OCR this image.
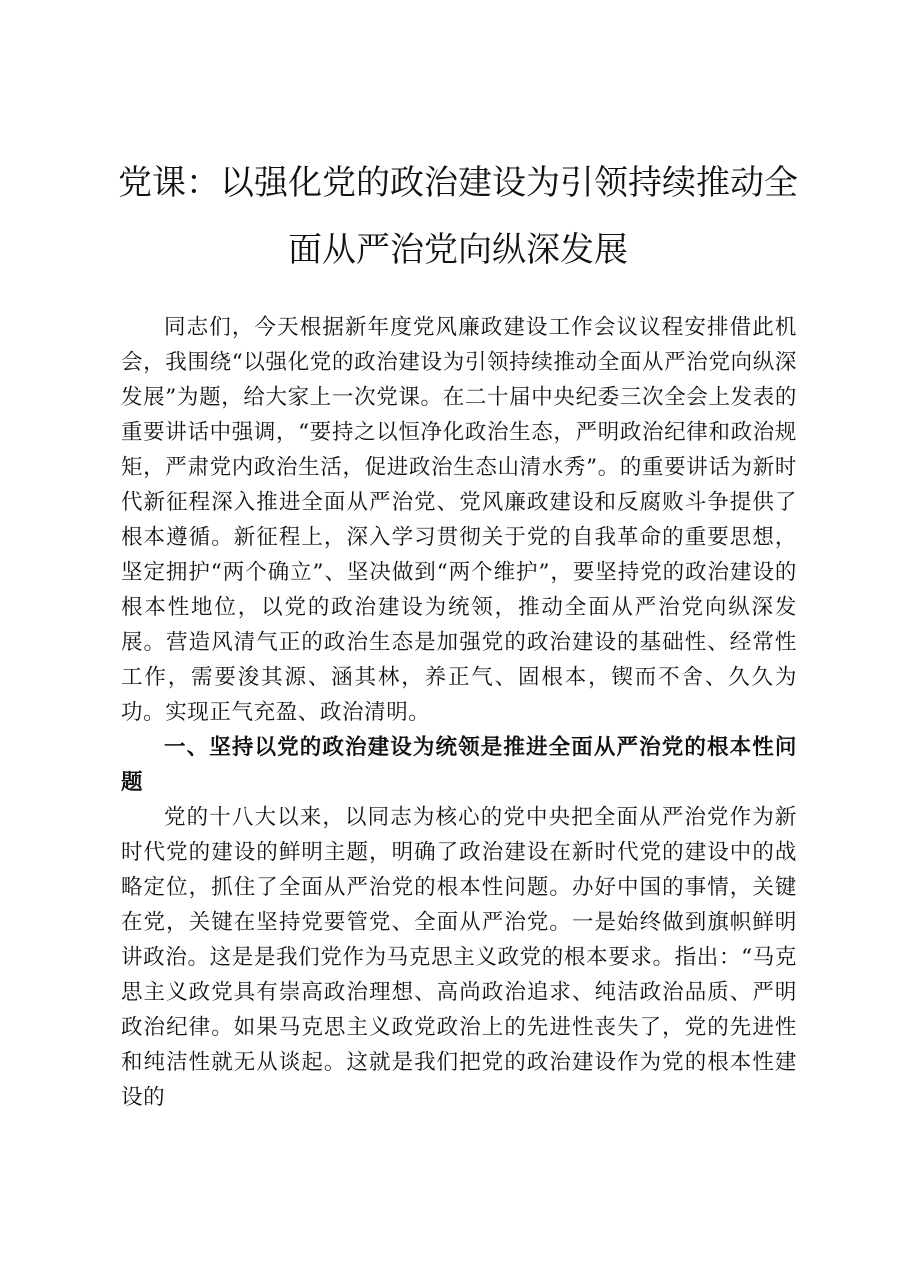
党课：以强化党的政治建设为引领持续推动全面从严治党向纵深发展

同志们，今天根据新年度党风廉政建设工作会议议程安排借此机会，我围绕“以强化党的政治建设为引领持续推动全面从严治党向纵深发展”为题，给大家上一次党课。在二十届中央纪委三次全会上发表的重要讲话中强调，“要持之以恒净化政治生态，严明政治纪律和政治规矩，严肃党内政治生活，促进政治生态山清水秀”。的重要讲话为新时代新征程深入推进全面从严治党、党风廉政建设和反腐败斗争提供了根本遵循。新征程上，深入学习贯彻关于党的自我革命的重要思想，坚定拥护“两个确立”、坚决做到“两个维护”，要坚持党的政治建设的根本性地位，以党的政治建设为统领，推动全面从严治党向纵深发展。营造风清气正的政治生态是加强党的政治建设的基础性、经常性工作，需要浚其源、涵其林，养正气、固根本，锲而不舍、久久为功。实现正气充盈、政治清明。

一、坚持以党的政治建设为统领是推进全面从严治党的根本性问题

党的十八大以来，以同志为核心的党中央把全面从严治党作为新时代党的建设的鲜明主题，明确了政治建设在新时代党的建设中的战略定位，抓住了全面从严治党的根本性问题。办好中国的事情，关键在党，关键在坚持党要管党、全面从严治党。一是始终做到旗帜鲜明讲政治。这是是我们党作为马克思主义政党的根本要求。指出：“马克思主义政党具有崇高政治理想、高尚政治追求、纯洁政治品质、严明政治纪律。如果马克思主义政党政治上的先进性丧失了，党的先进性和纯洁性就无从谈起。这就是我们把党的政治建设作为党的根本性建设的
